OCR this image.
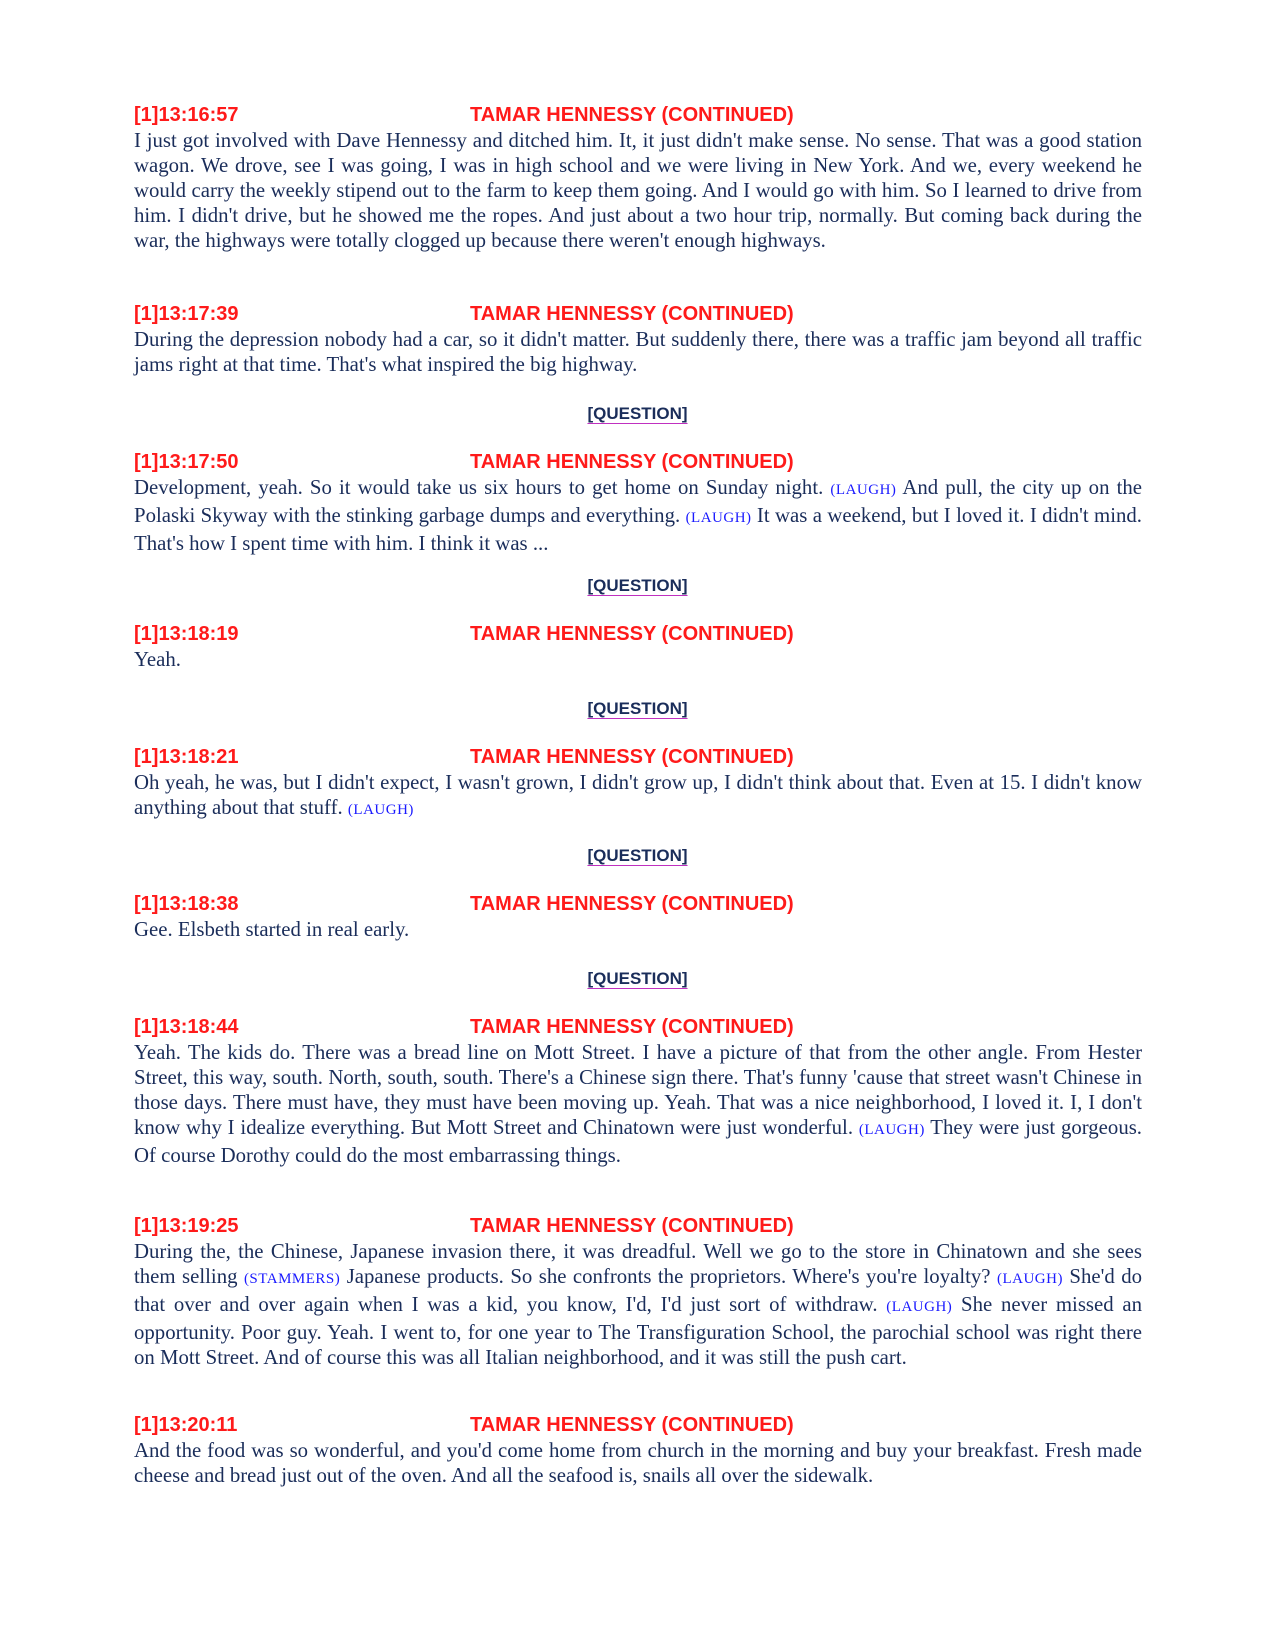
[1]13:16:57	TAMAR HENNESSY (CONTINUED)

I just got involved with Dave Hennessy and ditched him. It, it just didn't make sense. No sense. That was a good station wagon. We drove, see I was going, I was in high school and we were living in New York. And we, every weekend he would carry the weekly stipend out to the farm to keep them going. And I would go with him. So I learned to drive from him. I didn't drive, but he showed me the ropes. And just about a two hour trip, normally. But coming back during the war, the highways were totally clogged up because there weren't enough highways.

[1]13:17:39	TAMAR HENNESSY (CONTINUED)

During the depression nobody had a car, so it didn't matter. But suddenly there, there was a traffic jam beyond all traffic jams right at that time. That's what inspired the big highway.

[QUESTION]
[1]13:17:50	TAMAR HENNESSY (CONTINUED)

Development, yeah. So it would take us six hours to get home on Sunday night. (LAUGH) And pull, the city up on the Polaski Skyway with the stinking garbage dumps and everything. (LAUGH) It was a weekend, but I loved it. I didn't mind. That's how I spent time with him. I think it was ...

[QUESTION]
[1]13:18:19	TAMAR HENNESSY (CONTINUED)

Yeah.

[QUESTION]
[1]13:18:21	TAMAR HENNESSY (CONTINUED)

Oh yeah, he was, but I didn't expect, I wasn't grown, I didn't grow up, I didn't think about that. Even at 15. I didn't know anything about that stuff. (LAUGH)

[QUESTION]
[1]13:18:38	TAMAR HENNESSY (CONTINUED)

Gee. Elsbeth started in real early.

[QUESTION]
[1]13:18:44	TAMAR HENNESSY (CONTINUED)

Yeah. The kids do. There was a bread line on Mott Street. I have a picture of that from the other angle. From Hester Street, this way, south. North, south, south. There's a Chinese sign there. That's funny 'cause that street wasn't Chinese in those days. There must have, they must have been moving up. Yeah. That was a nice neighborhood, I loved it. I, I don't know why I idealize everything. But Mott Street and Chinatown were just wonderful. (LAUGH) They were just gorgeous. Of course Dorothy could do the most embarrassing things.

[1]13:19:25	TAMAR HENNESSY (CONTINUED)

During the, the Chinese, Japanese invasion there, it was dreadful. Well we go to the store in Chinatown and she sees them selling (STAMMERS) Japanese products. So she confronts the proprietors. Where's you're loyalty? (LAUGH) She'd do that over and over again when I was a kid, you know, I'd, I'd just sort of withdraw. (LAUGH) She never missed an opportunity. Poor guy. Yeah. I went to, for one year to The Transfiguration School, the parochial school was right there on Mott Street. And of course this was all Italian neighborhood, and it was still the push cart.

[1]13:20:11	TAMAR HENNESSY (CONTINUED)

And the food was so wonderful, and you'd come home from church in the morning and buy your breakfast. Fresh made cheese and bread just out of the oven. And all the seafood is, snails all over the sidewalk.
